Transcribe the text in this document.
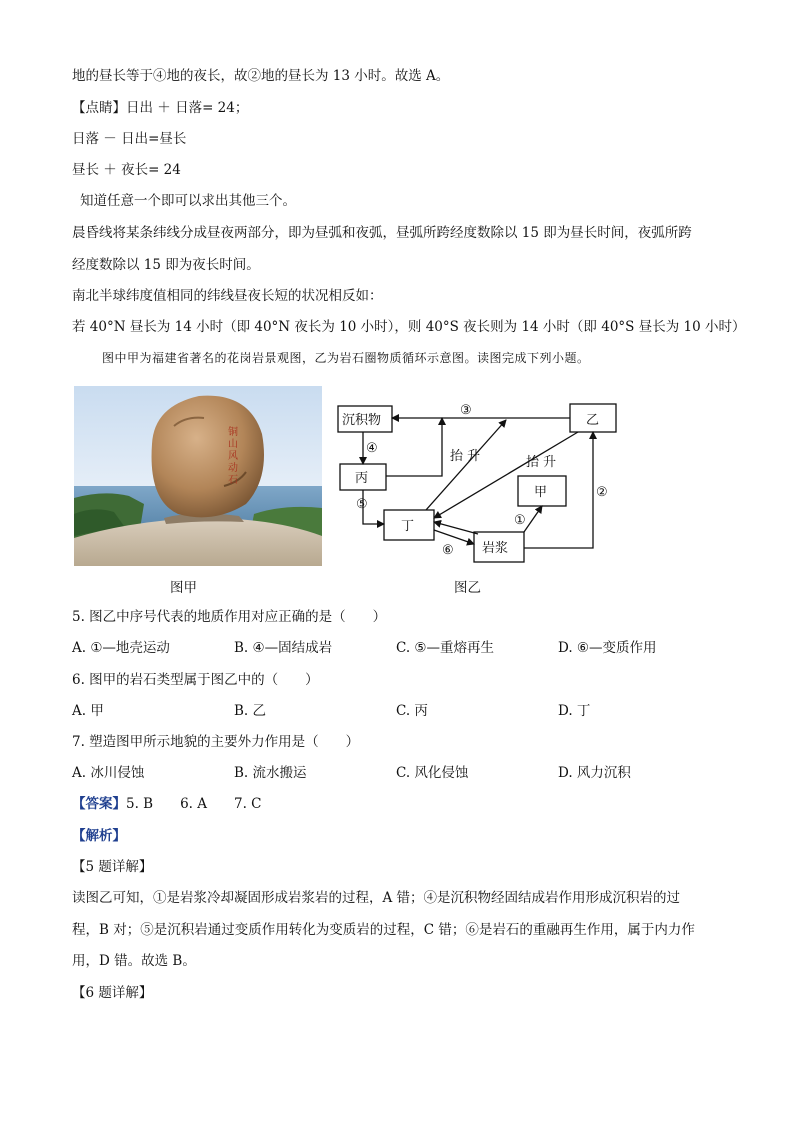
地的昼长等于④地的夜长，故②地的昼长为 13 小时。故选 A。
【点睛】日出 ＋ 日落= 24；
日落 － 日出=昼长
昼长 ＋ 夜长= 24
知道任意一个即可以求出其他三个。
晨昏线将某条纬线分成昼夜两部分，即为昼弧和夜弧，昼弧所跨经度数除以 15 即为昼长时间，夜弧所跨
经度数除以 15 即为夜长时间。
南北半球纬度值相同的纬线昼夜长短的状况相反如：
若 40°N 昼长为 14 小时（即 40°N 夜长为 10 小时），则 40°S 夜长则为 14 小时（即 40°S 昼长为 10 小时）
图中甲为福建省著名的花岗岩景观图，乙为岩石圈物质循环示意图。读图完成下列小题。
铜山风动石
图甲
沉积物	乙
丙
甲
丁
岩浆
抬 升	抬 升
①
②
③
④
⑤
⑥
图乙
5. 图乙中序号代表的地质作用对应正确的是（　　）
A. ①—地壳运动	B. ④—固结成岩	C. ⑤—重熔再生	D. ⑥—变质作用
6. 图甲的岩石类型属于图乙中的（　　）
A. 甲	B. 乙	C. 丙	D. 丁
7. 塑造图甲所示地貌的主要外力作用是（　　）
A. 冰川侵蚀	B. 流水搬运	C. 风化侵蚀	D. 风力沉积
【答案】5. B　　6. A　　7. C
【解析】
【5 题详解】
读图乙可知，①是岩浆冷却凝固形成岩浆岩的过程，A 错；④是沉积物经固结成岩作用形成沉积岩的过
程，B 对；⑤是沉积岩通过变质作用转化为变质岩的过程，C 错；⑥是岩石的重融再生作用，属于内力作
用，D 错。故选 B。
【6 题详解】
